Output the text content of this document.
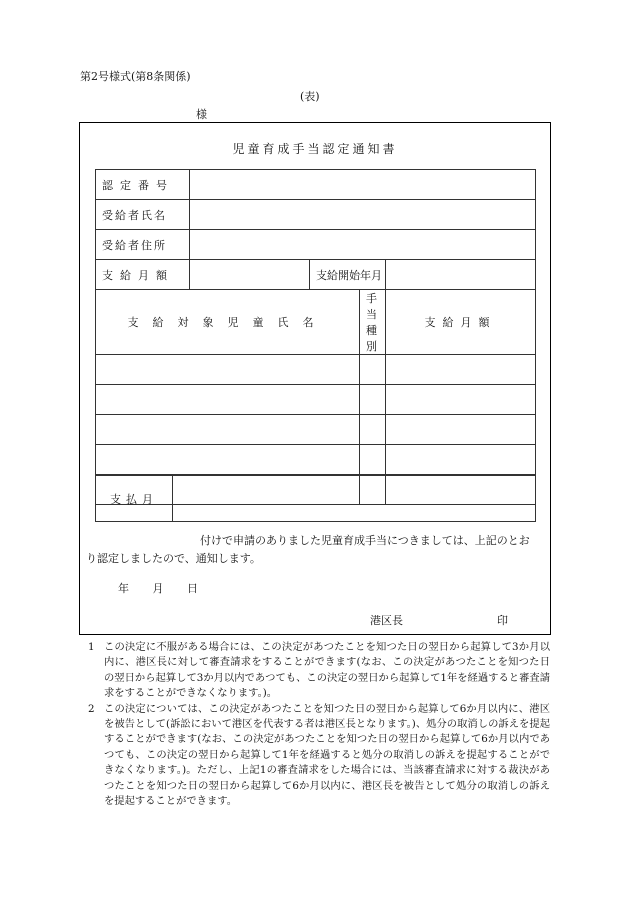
第2号様式(第8条関係)
(表)
様
児童育成手当認定通知書
認定番号				
受給者氏名				
受給者住所				
支給月額		支給開始年月		
支給対象児童氏名			手当種別	支給月額

支払月	
付けで申請のありました児童育成手当につきましては、上記のとお
り認定しましたので、通知します。
年 月 日
港区長	印

1 この決定に不服がある場合には、この決定があつたことを知つた日の翌日から起算して3か月以内に、港区長に対して審査請求をすることができます(なお、この決定があつたことを知つた日の翌日から起算して3か月以内であつても、この決定の翌日から起算して1年を経過すると審査請求をすることができなくなります。)。

2 この決定については、この決定があつたことを知つた日の翌日から起算して6か月以内に、港区を被告として(訴訟において港区を代表する者は港区長となります。)、処分の取消しの訴えを提起することができます(なお、この決定があつたことを知つた日の翌日から起算して6か月以内であつても、この決定の翌日から起算して1年を経過すると処分の取消しの訴えを提起することができなくなります。)。ただし、上記1の審査請求をした場合には、当該審査請求に対する裁決があつたことを知つた日の翌日から起算して6か月以内に、港区長を被告として処分の取消しの訴えを提起することができます。
